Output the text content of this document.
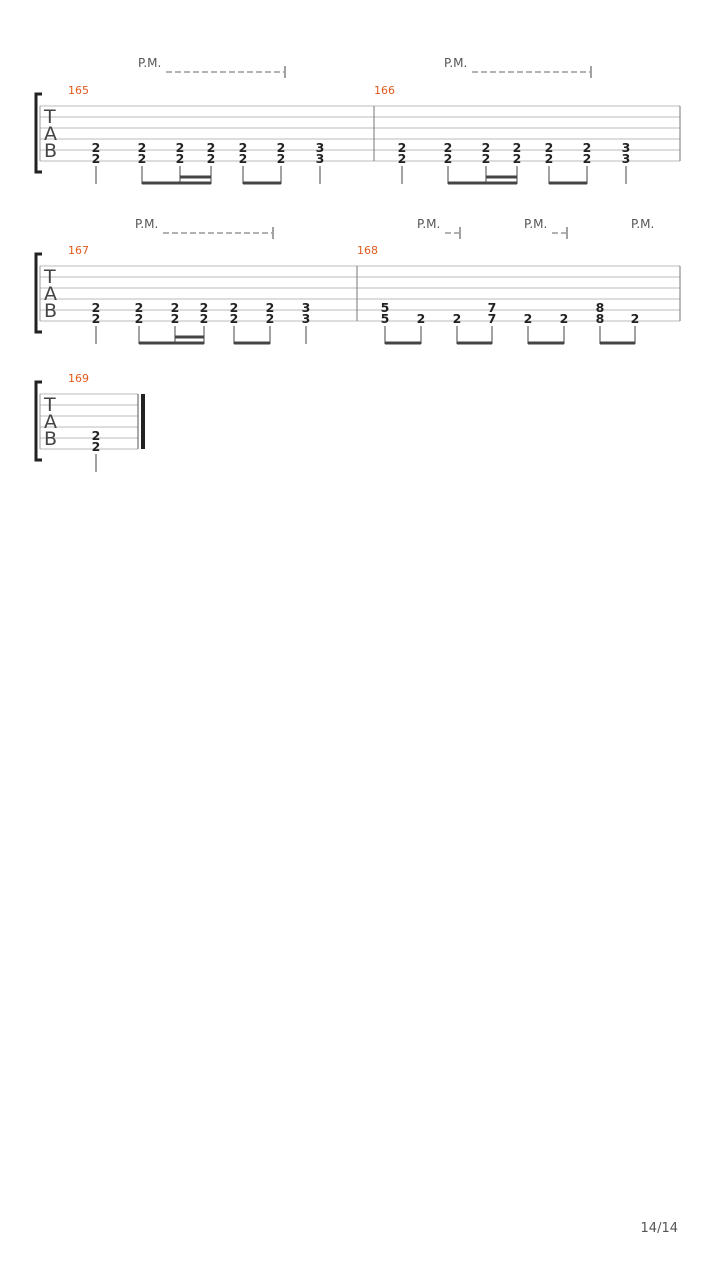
P.M.	P.M.
T
A
B
165	166
2
2
2
2
2
2
2
2
2
2
2
2
3
3
2
2
2
2
2
2
2
2
2
2
2
2
3
3
P.M.	P.M.	P.M.	P.M.
T
A
B
167	168
2
2
2
2
2
2
2
2
2
2
2
2
3
3
5
5 2 2
7
7 2 2
8
8 2
T
A
B
169
2
2
14/14
